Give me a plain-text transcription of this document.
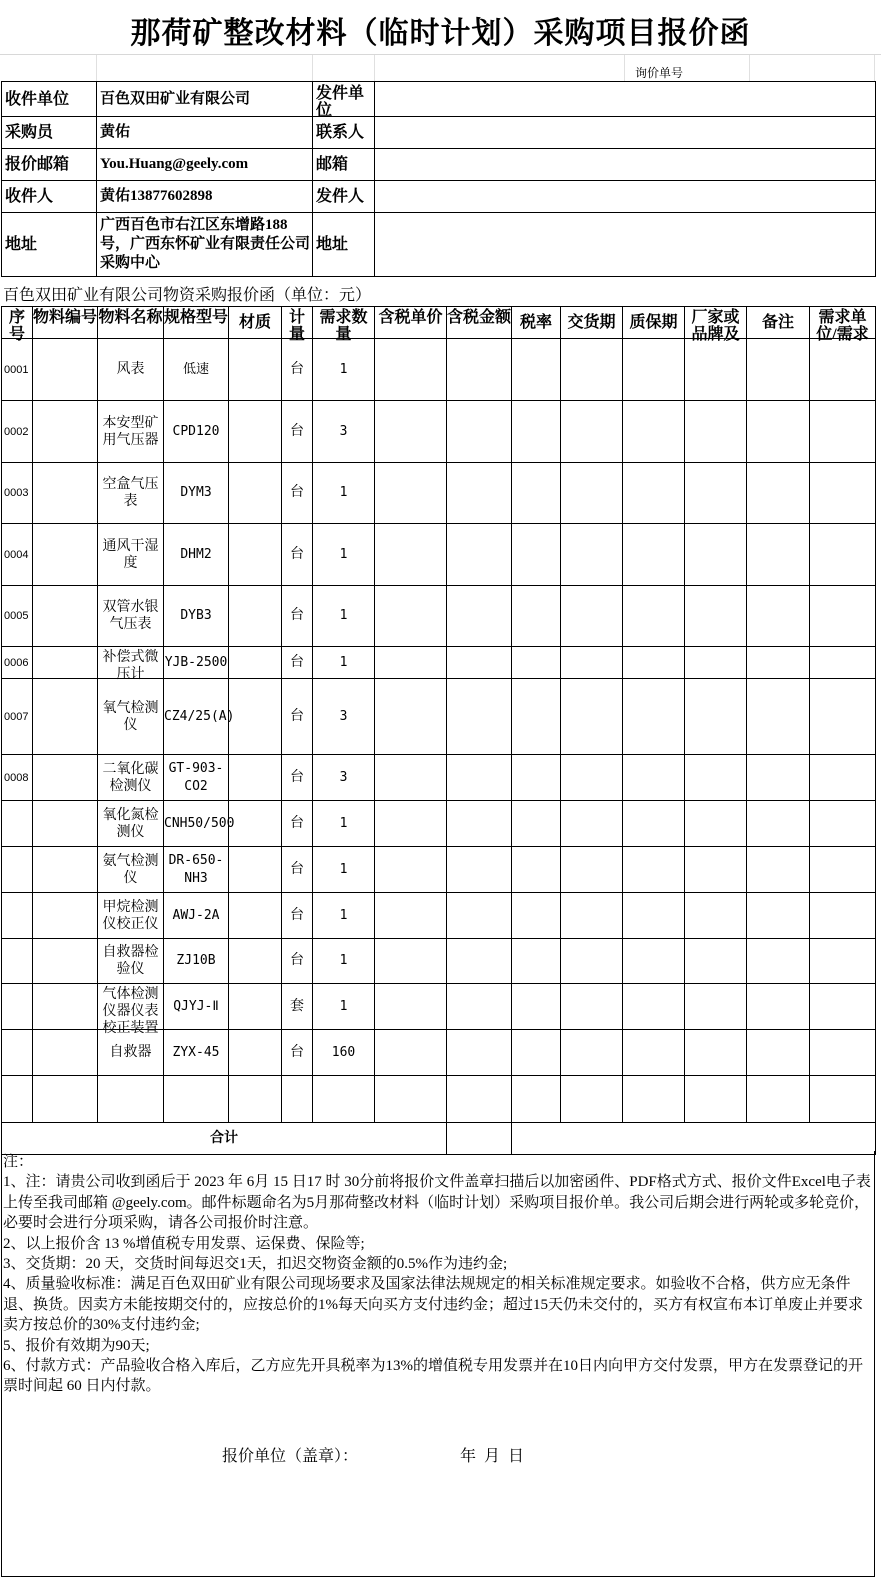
那荷矿整改材料（临时计划）采购项目报价函
询价单号
收件单位	百色双田矿业有限公司	发件单位	

采购员	黄佑	联系人	
报价邮箱	You.Huang@geely.com	邮箱	
收件人	黄佑13877602898	发件人	
地址	广西百色市右江区东增路188号，广西东怀矿业有限责任公司采购中心	地址	
百色双田矿业有限公司物资采购报价函（单位：元）
序号	物料编号	物料名称	规格型号	材质	计量	需求数量	含税单价	含税金额	税率	交货期	质保期	厂家或品牌及	备注	需求单位/需求

0001		风表	低速		台	1								

0002		本安型矿用气压器	CPD120		台	3								

0003		空盒气压表	DYM3		台	1								

0004		通风干湿度	DHM2		台	1								

0005		双管水银气压表	DYB3		台	1								

0006		补偿式微压计	YJB-2500		台	1								

0007		氧气检测仪	CZ4/25(A)		台	3								

0008		二氧化碳检测仪	GT-903-CO2		台	3								

		氧化氮检测仪	CNH50/500		台	1								

		氨气检测仪	DR-650-NH3		台	1								

		甲烷检测仪校正仪	AWJ-2A		台	1								

		自救器检验仪	ZJ10B		台	1								

		气体检测仪器仪表校正装置	QJYJ-Ⅱ		套	1								

		自救器	ZYX-45		台	160								

合计														

注：

1、注：请贵公司收到函后于 2023 年 6月 15 日17 时 30分前将报价文件盖章扫描后以加密函件、PDF格式方式、报价文件Excel电子表上传至我司邮箱 @geely.com。邮件标题命名为5月那荷整改材料（临时计划）采购项目报价单。我公司后期会进行两轮或多轮竞价，必要时会进行分项采购，请各公司报价时注意。

2、以上报价含 13 %增值税专用发票、运保费、保险等;

3、交货期：20 天，交货时间每迟交1天，扣迟交物资金额的0.5%作为违约金;

4、质量验收标准：满足百色双田矿业有限公司现场要求及国家法律法规规定的相关标准规定要求。如验收不合格，供方应无条件退、换货。因卖方未能按期交付的，应按总价的1%每天向买方支付违约金；超过15天仍未交付的，买方有权宣布本订单废止并要求卖方按总价的30%支付违约金;

5、报价有效期为90天;

6、付款方式：产品验收合格入库后，乙方应先开具税率为13%的增值税专用发票并在10日内向甲方交付发票，甲方在发票登记的开票时间起 60 日内付款。

报价单位（盖章）：	年  月  日
